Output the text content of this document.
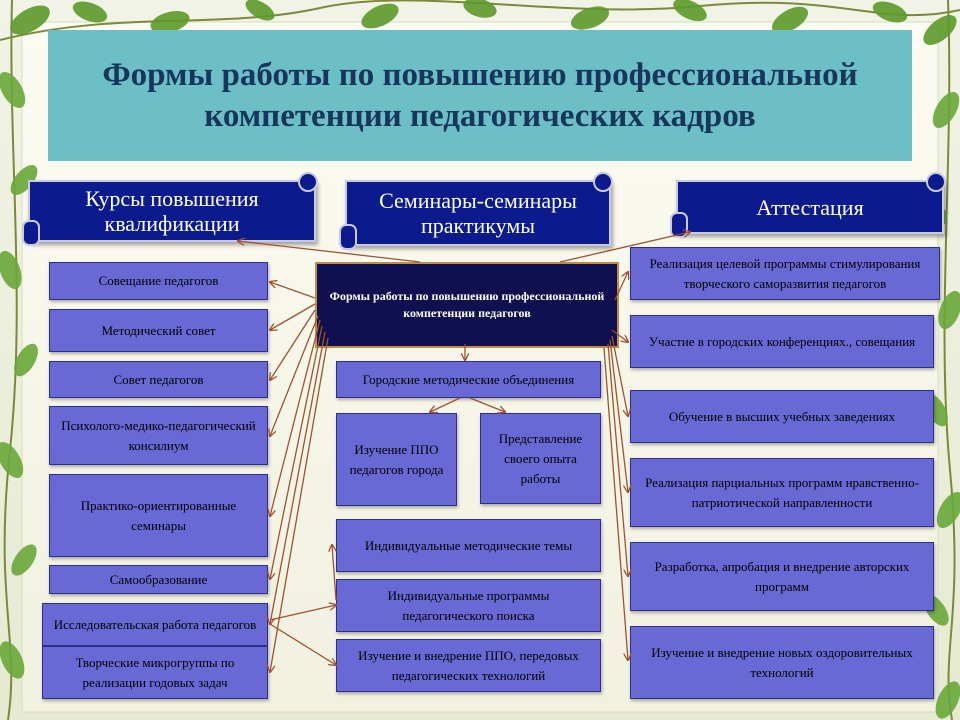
Формы работы по повышению профессиональной компетенции педагогических кадров
Курсы повышения квалификации
Семинары-семинары практикумы
Аттестация
Формы работы по повышению профессиональной компетенции педагогов
Совещание педагогов
Методический совет
Совет педагогов
Психолого-медико-педагогический консилиум
Практико-ориентированные семинары
Самообразование
Исследовательская работа педагогов
Творческие микрогруппы по реализации годовых задач
Городские методические объединения
Изучение ППО педагогов города
Представление своего опыта работы
Индивидуальные методические темы
Индивидуальные программы педагогического поиска
Изучение и внедрение ППО, передовых педагогических технологий
Реализация целевой программы стимулирования творческого саморазвития педагогов
Участие в городских конференциях., совещания
Обучение в высших учебных заведениях
Реализация парциальных программ нравственно-патриотической направленности
Разработка, апробация и внедрение авторских программ
Изучение и внедрение новых оздоровительных технологий
